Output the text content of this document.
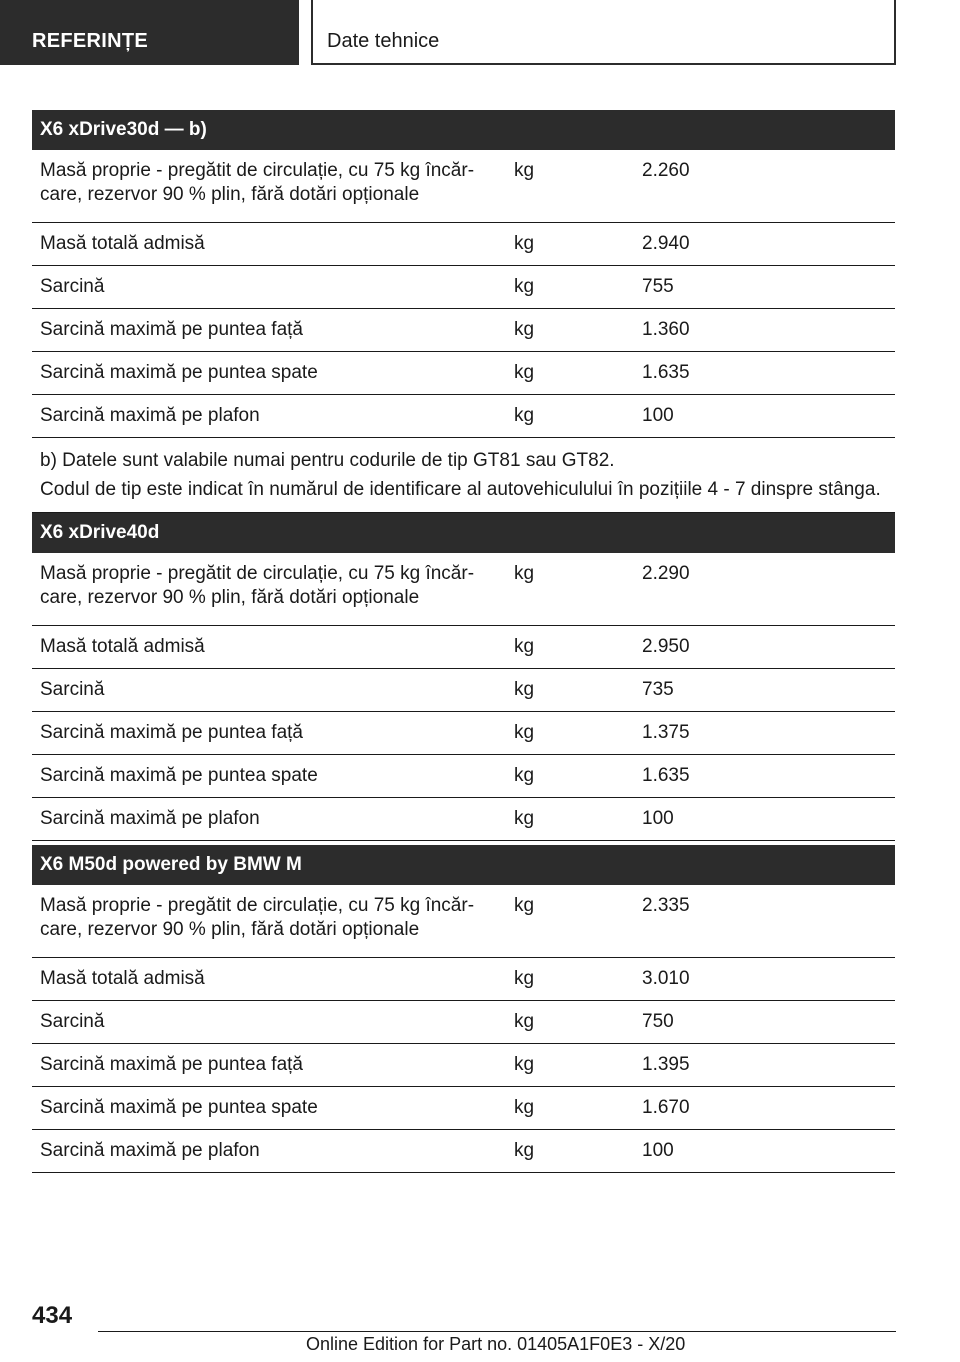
REFERINȚE	Date tehnice
X6 xDrive30d — b)		
Masă proprie - pregătit de circulație, cu 75 kg încăr-
care, rezervor 90 % plin, fără dotări opționale	kg	2.260
Masă totală admisă	kg	2.940
Sarcină	kg	755
Sarcină maximă pe puntea față	kg	1.360
Sarcină maximă pe puntea spate	kg	1.635
Sarcină maximă pe plafon	kg	100

b) Datele sunt valabile numai pentru codurile de tip GT81 sau GT82.
Codul de tip este indicat în numărul de identificare al autovehiculului în pozițiile 4 - 7 dinspre stânga.		
X6 xDrive40d		
Masă proprie - pregătit de circulație, cu 75 kg încăr-
care, rezervor 90 % plin, fără dotări opționale	kg	2.290
Masă totală admisă	kg	2.950
Sarcină	kg	735
Sarcină maximă pe puntea față	kg	1.375
Sarcină maximă pe puntea spate	kg	1.635
Sarcină maximă pe plafon	kg	100
X6 M50d powered by BMW M		
Masă proprie - pregătit de circulație, cu 75 kg încăr-
care, rezervor 90 % plin, fără dotări opționale	kg	2.335
Masă totală admisă	kg	3.010
Sarcină	kg	750
Sarcină maximă pe puntea față	kg	1.395
Sarcină maximă pe puntea spate	kg	1.670
Sarcină maximă pe plafon	kg	100
434
Online Edition for Part no. 01405A1F0E3 - X/20
